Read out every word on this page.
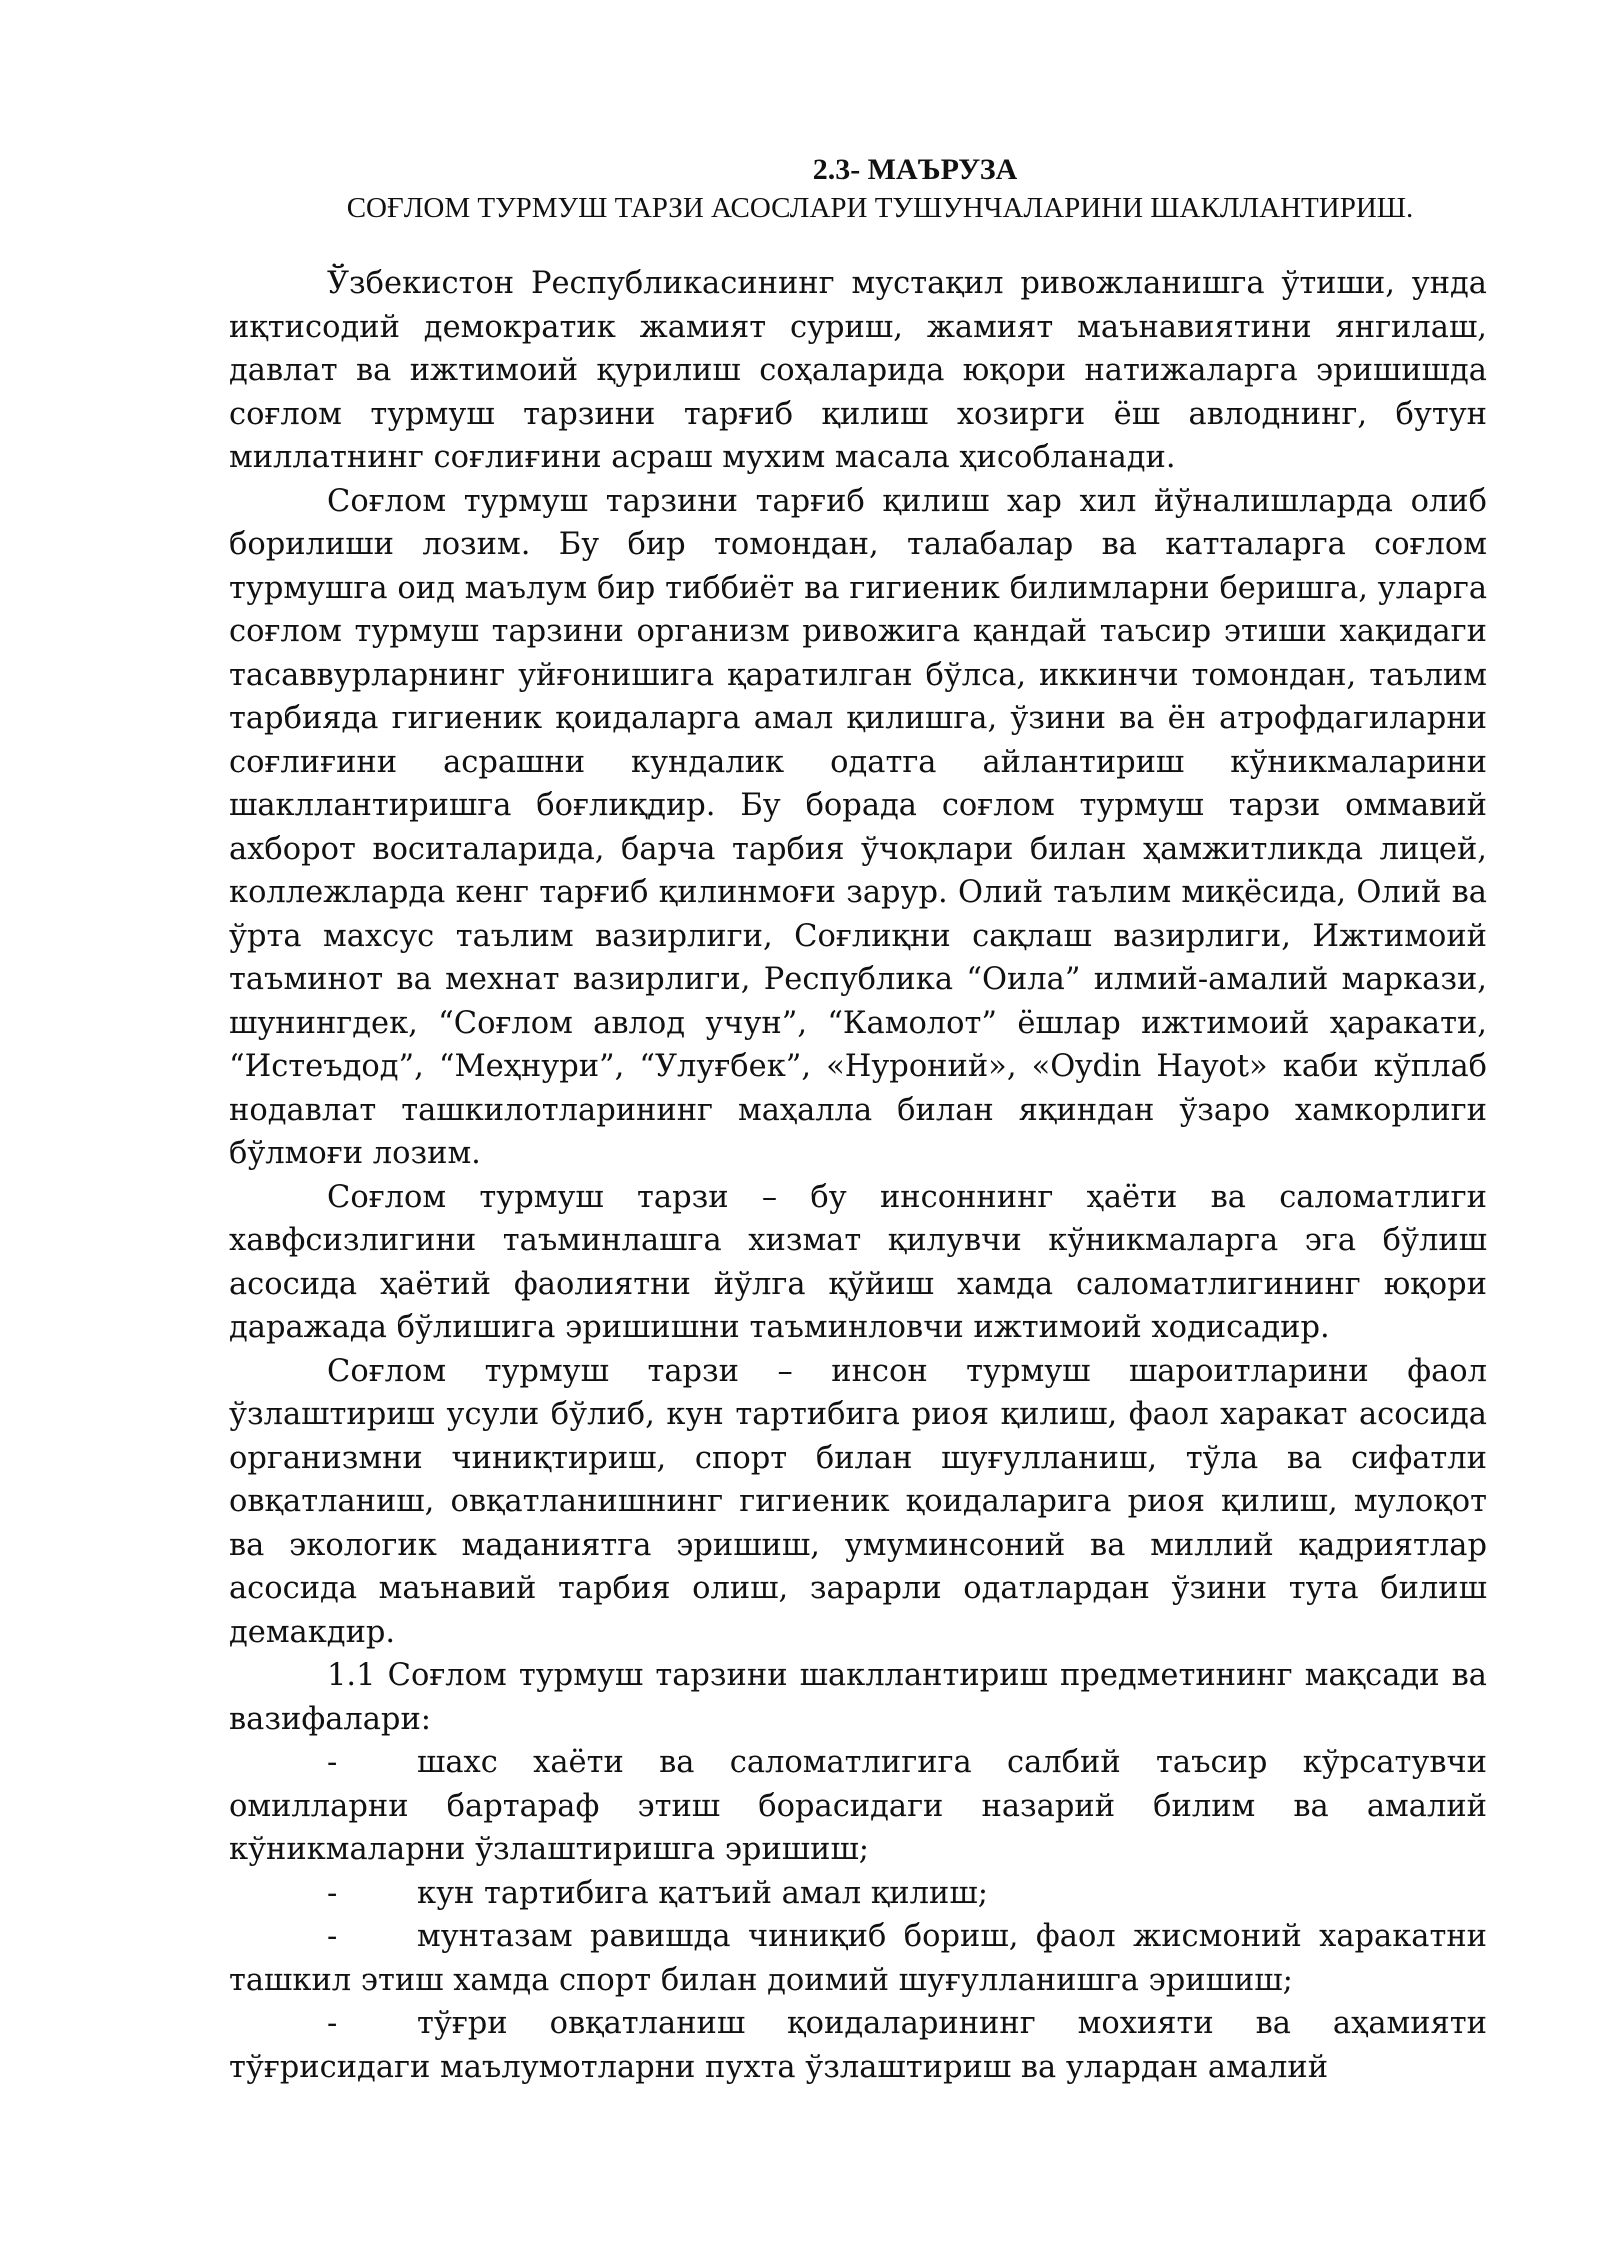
2.3- МАЪРУЗА
СОҒЛОМ ТУРМУШ ТАРЗИ АСОСЛАРИ ТУШУНЧАЛАРИНИ ШАКЛЛАНТИРИШ.

Ўзбекистон Республикасининг мустақил ривожланишга ўтиши, унда иқтисодий демократик жамият суриш, жамият маънавиятини янгилаш, давлат ва ижтимоий қурилиш соҳаларида юқори натижаларга эришишда соғлом турмуш тарзини тарғиб қилиш хозирги ёш авлоднинг, бутун миллатнинг соғлиғини асраш мухим масала ҳисобланади.

Соғлом турмуш тарзини тарғиб қилиш хар хил йўналишларда олиб борилиши лозим. Бу бир томондан, талабалар ва катталарга соғлом турмушга оид маълум бир тиббиёт ва гигиеник билимларни беришга, уларга соғлом турмуш тарзини организм ривожига қандай таъсир этиши хақидаги тасаввурларнинг уйғонишига қаратилган бўлса, иккинчи томондан, таълим тарбияда гигиеник қоидаларга амал қилишга, ўзини ва ён атрофдагиларни соғлиғини асрашни кундалик одатга айлантириш кўникмаларини шакллантиришга боғлиқдир. Бу борада соғлом турмуш тарзи оммавий ахборот воситаларида, барча тарбия ўчоқлари билан ҳамжитликда лицей, коллежларда кенг тарғиб қилинмоғи зарур. Олий таълим миқёсида, Олий ва ўрта махсус таълим вазирлиги, Соғлиқни сақлаш вазирлиги, Ижтимоий таъминот ва мехнат вазирлиги, Республика “Оила” илмий-амалий маркази, шунингдек, “Соғлом авлод учун”, “Камолот” ёшлар ижтимоий ҳаракати, “Истеъдод”, “Меҳнури”, “Улуғбек”, «Нуроний», «Oydin Hayot» каби кўплаб нодавлат ташкилотларининг маҳалла билан яқиндан ўзаро хамкорлиги бўлмоғи лозим.

Соғлом турмуш тарзи – бу инсоннинг ҳаёти ва саломатлиги хавфсизлигини таъминлашга хизмат қилувчи кўникмаларга эга бўлиш асосида ҳаётий фаолиятни йўлга қўйиш хамда саломатлигининг юқори даражада бўлишига эришишни таъминловчи ижтимоий ходисадир.

Соғлом турмуш тарзи – инсон турмуш шароитларини фаол ўзлаштириш усули бўлиб, кун тартибига риоя қилиш, фаол харакат асосида организмни чиниқтириш, спорт билан шуғулланиш, тўла ва сифатли овқатланиш, овқатланишнинг гигиеник қоидаларига риоя қилиш, мулоқот ва экологик маданиятга эришиш, умуминсоний ва миллий қадриятлар асосида маънавий тарбия олиш, зарарли одатлардан ўзини тута билиш демакдир.

1.1 Соғлом турмуш тарзини шакллантириш предметининг мақсади ва вазифалари:

-	шахс хаёти ва саломатлигига салбий таъсир кўрсатувчи омилларни бартараф этиш борасидаги назарий билим ва амалий кўникмаларни ўзлаштиришга эришиш;

-	кун тартибига қатъий амал қилиш;

-	мунтазам равишда чиниқиб бориш, фаол жисмоний харакатни ташкил этиш хамда спорт билан доимий шуғулланишга эришиш;

-	тўғри овқатланиш қоидаларининг мохияти ва аҳамияти тўғрисидаги маълумотларни пухта ўзлаштириш ва улардан амалий
